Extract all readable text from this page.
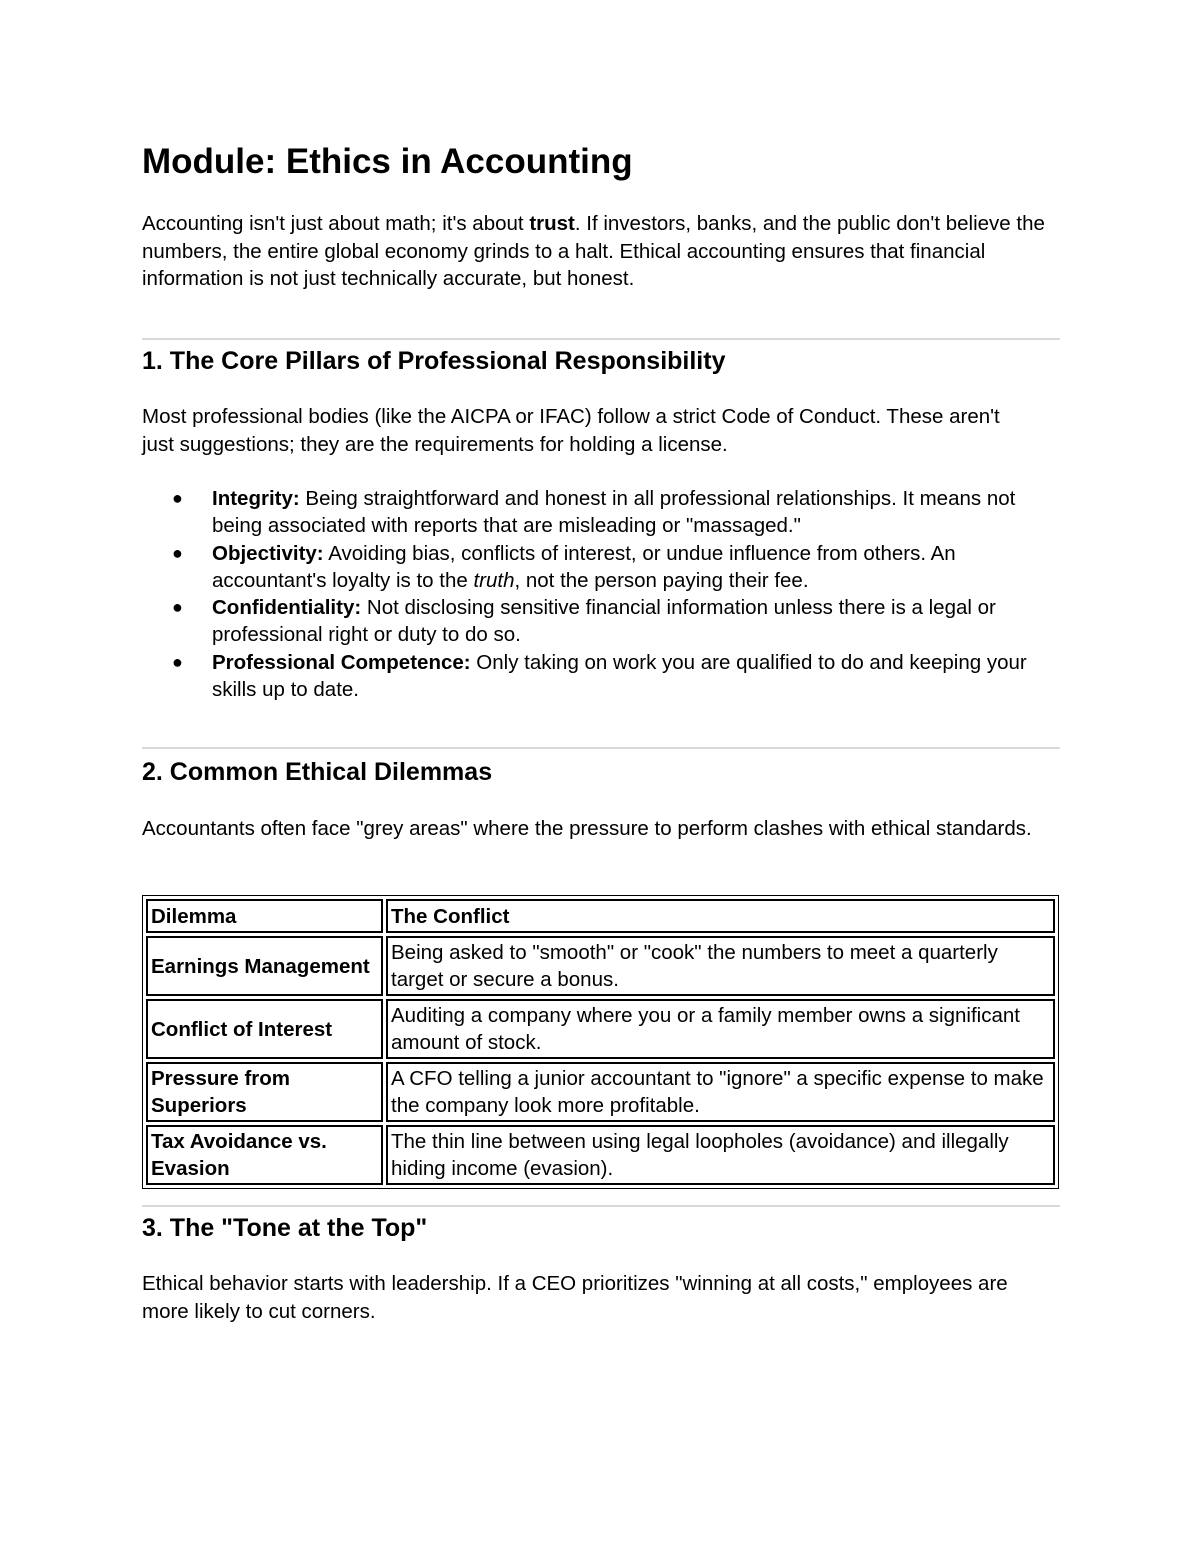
Module: Ethics in Accounting

Accounting isn't just about math; it's about trust. If investors, banks, and the public don't believe the numbers, the entire global economy grinds to a halt. Ethical accounting ensures that financial information is not just technically accurate, but honest.

1. The Core Pillars of Professional Responsibility

Most professional bodies (like the AICPA or IFAC) follow a strict Code of Conduct. These aren't just suggestions; they are the requirements for holding a license.

● Integrity: Being straightforward and honest in all professional relationships. It means not being associated with reports that are misleading or "massaged."
● Objectivity: Avoiding bias, conflicts of interest, or undue influence from others. An accountant's loyalty is to the truth, not the person paying their fee.
● Confidentiality: Not disclosing sensitive financial information unless there is a legal or professional right or duty to do so.
● Professional Competence: Only taking on work you are qualified to do and keeping your skills up to date.
2. Common Ethical Dilemmas

Accountants often face "grey areas" where the pressure to perform clashes with ethical standards.

Dilemma	The Conflict
Earnings Management	Being asked to "smooth" or "cook" the numbers to meet a quarterly target or secure a bonus.
Conflict of Interest	Auditing a company where you or a family member owns a significant amount of stock.
Pressure from Superiors	A CFO telling a junior accountant to "ignore" a specific expense to make the company look more profitable.
Tax Avoidance vs. Evasion	The thin line between using legal loopholes (avoidance) and illegally hiding income (evasion).
3. The "Tone at the Top"

Ethical behavior starts with leadership. If a CEO prioritizes "winning at all costs," employees are more likely to cut corners.
